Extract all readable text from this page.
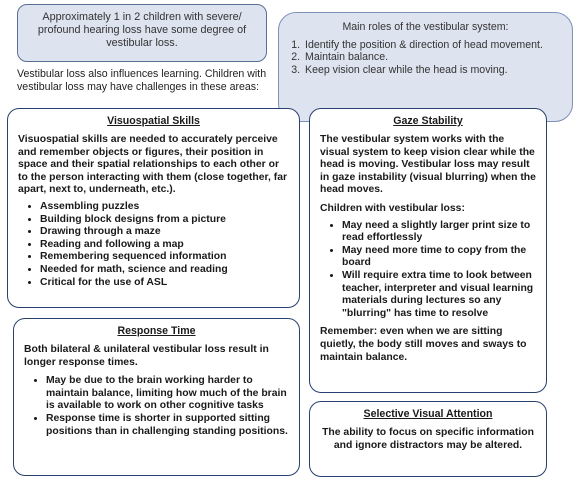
Approximately 1 in 2 children with severe/ profound hearing loss have some degree of vestibular loss.
Main roles of the vestibular system:
1. Identify the position & direction of head movement.
2. Maintain balance.
3. Keep vision clear while the head is moving.
Vestibular loss also influences learning. Children with vestibular loss may have challenges in these areas:
Visuospatial Skills

Visuospatial skills are needed to accurately perceive and remember objects or figures, their position in space and their spatial relationships to each other or to the person interacting with them (close together, far apart, next to, underneath, etc.).

• Assembling puzzles
• Building block designs from a picture
• Drawing through a maze
• Reading and following a map
• Remembering sequenced information
• Needed for math, science and reading
• Critical for the use of ASL
Response Time

Both bilateral & unilateral vestibular loss result in longer response times.

• May be due to the brain working harder to maintain balance, limiting how much of the brain is available to work on other cognitive tasks
• Response time is shorter in supported sitting positions than in challenging standing positions.
Gaze Stability

The vestibular system works with the visual system to keep vision clear while the head is moving. Vestibular loss may result in gaze instability (visual blurring) when the head moves.

Children with vestibular loss:

• May need a slightly larger print size to read effortlessly
• May need more time to copy from the board
• Will require extra time to look between teacher, interpreter and visual learning materials during lectures so any "blurring" has time to resolve

Remember: even when we are sitting quietly, the body still moves and sways to maintain balance.

Selective Visual Attention

The ability to focus on specific information and ignore distractors may be altered.
